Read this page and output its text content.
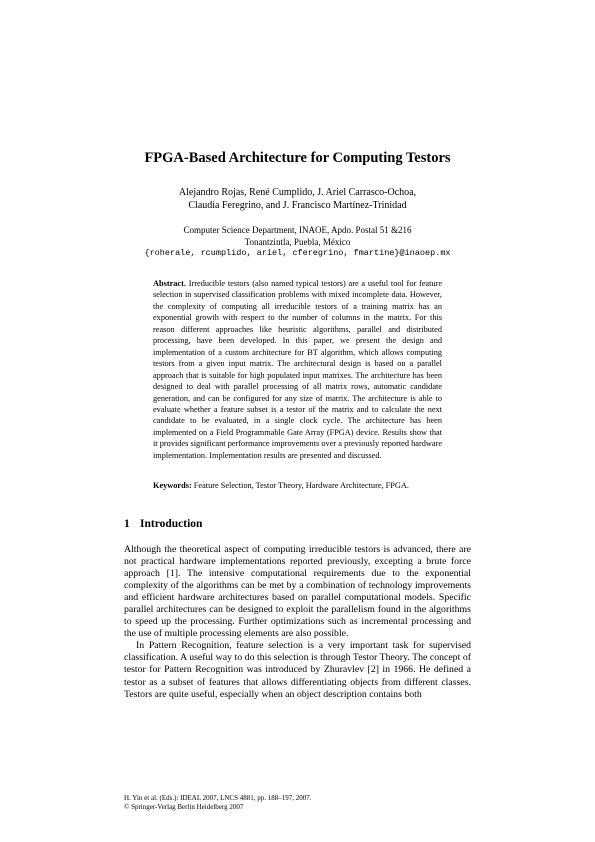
FPGA-Based Architecture for Computing Testors
Alejandro Rojas, René Cumplido, J. Ariel Carrasco-Ochoa,
Claudia Feregrino, and J. Francisco Martínez-Trinidad
Computer Science Department, INAOE, Apdo. Postal 51 &216
Tonantzintla, Puebla, México
{roherale, rcumplido, ariel, cferegrino, fmartine}@inaoep.mx
Abstract. Irreducible testors (also named typical testors) are a useful tool for feature selection in supervised classification problems with mixed incomplete data. However, the complexity of computing all irreducible testors of a training matrix has an exponential growth with respect to the number of columns in the matrix. For this reason different approaches like heuristic algorithms, parallel and distributed processing, have been developed. In this paper, we present the design and implementation of a custom architecture for BT algorithm, which allows computing testors from a given input matrix. The architectural design is based on a parallel approach that is suitable for high populated input matrixes. The architecture has been designed to deal with parallel processing of all matrix rows, automatic candidate generation, and can be configured for any size of matrix. The architecture is able to evaluate whether a feature subset is a testor of the matrix and to calculate the next candidate to be evaluated, in a single clock cycle. The architecture has been implemented on a Field Programmable Gate Array (FPGA) device. Results show that it provides significant performance improvements over a previously reported hardware implementation. Implementation results are presented and discussed.
Keywords: Feature Selection, Testor Theory, Hardware Architecture, FPGA.
1 Introduction

Although the theoretical aspect of computing irreducible testors is advanced, there are not practical hardware implementations reported previously, excepting a brute force approach [1]. The intensive computational requirements due to the exponential complexity of the algorithms can be met by a combination of technology improvements and efficient hardware architectures based on parallel computational models. Specific parallel architectures can be designed to exploit the parallelism found in the algorithms to speed up the processing. Further optimizations such as incremental processing and the use of multiple processing elements are also possible.

In Pattern Recognition, feature selection is a very important task for supervised classification. A useful way to do this selection is through Testor Theory. The concept of testor for Pattern Recognition was introduced by Zhuravlev [2] in 1966. He defined a testor as a subset of features that allows differentiating objects from different classes. Testors are quite useful, especially when an object description contains both

H. Yin et al. (Eds.): IDEAL 2007, LNCS 4881, pp. 188–197, 2007.
© Springer-Verlag Berlin Heidelberg 2007
